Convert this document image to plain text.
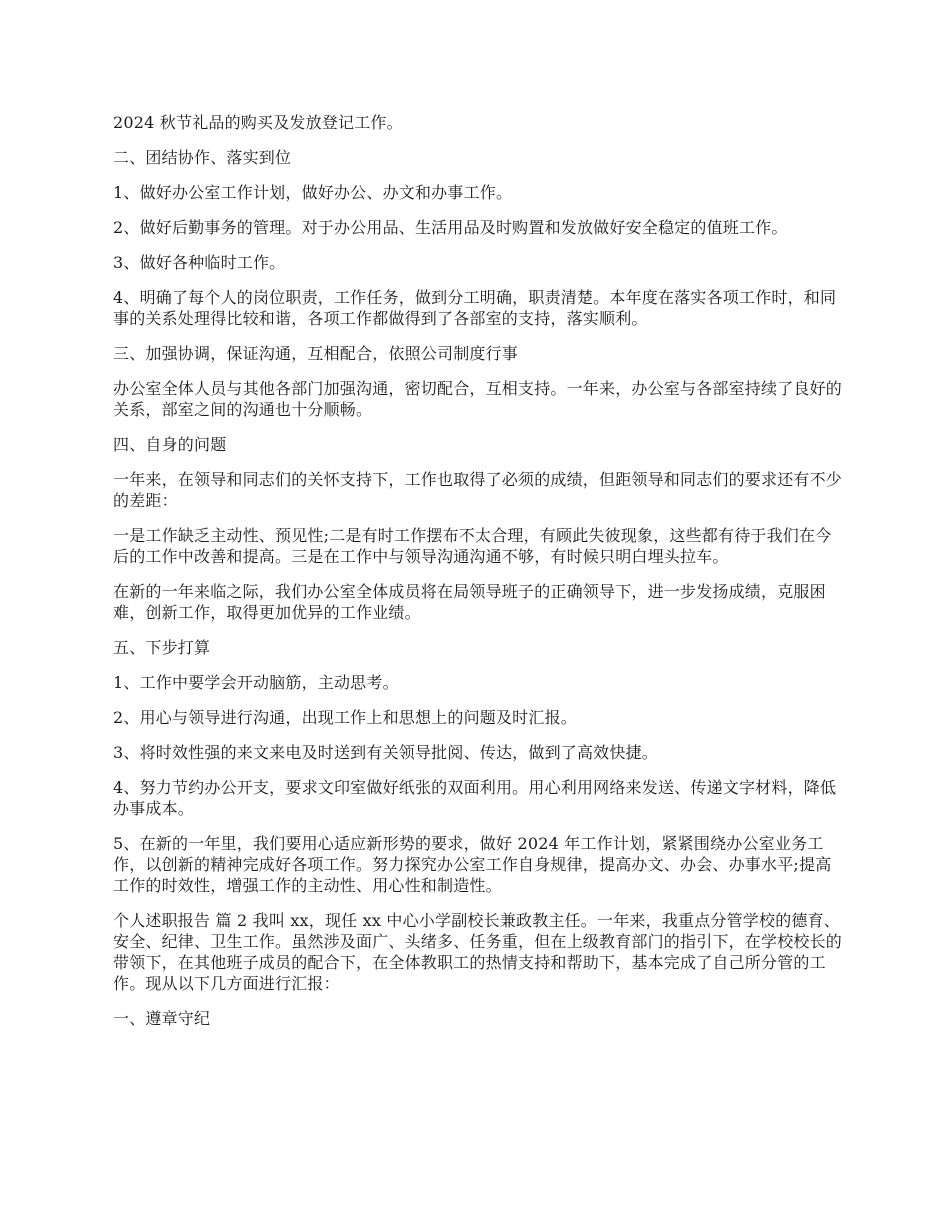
2024 秋节礼品的购买及发放登记工作。

二、团结协作、落实到位

1、做好办公室工作计划，做好办公、办文和办事工作。

2、做好后勤事务的管理。对于办公用品、生活用品及时购置和发放做好安全稳定的值班工作。

3、做好各种临时工作。

4、明确了每个人的岗位职责，工作任务，做到分工明确，职责清楚。本年度在落实各项工作时，和同事的关系处理得比较和谐，各项工作都做得到了各部室的支持，落实顺利。

三、加强协调，保证沟通，互相配合，依照公司制度行事

办公室全体人员与其他各部门加强沟通，密切配合，互相支持。一年来，办公室与各部室持续了良好的关系，部室之间的沟通也十分顺畅。

四、自身的问题

一年来，在领导和同志们的关怀支持下，工作也取得了必须的成绩，但距领导和同志们的要求还有不少的差距：

一是工作缺乏主动性、预见性;二是有时工作摆布不太合理，有顾此失彼现象，这些都有待于我们在今后的工作中改善和提高。三是在工作中与领导沟通沟通不够，有时候只明白埋头拉车。

在新的一年来临之际，我们办公室全体成员将在局领导班子的正确领导下，进一步发扬成绩，克服困难，创新工作，取得更加优异的工作业绩。

五、下步打算

1、工作中要学会开动脑筋，主动思考。

2、用心与领导进行沟通，出现工作上和思想上的问题及时汇报。

3、将时效性强的来文来电及时送到有关领导批阅、传达，做到了高效快捷。

4、努力节约办公开支，要求文印室做好纸张的双面利用。用心利用网络来发送、传递文字材料，降低办事成本。

5、在新的一年里，我们要用心适应新形势的要求，做好 2024 年工作计划，紧紧围绕办公室业务工作，以创新的精神完成好各项工作。努力探究办公室工作自身规律，提高办文、办会、办事水平;提高工作的时效性，增强工作的主动性、用心性和制造性。

个人述职报告 篇 2 我叫 xx，现任 xx 中心小学副校长兼政教主任。一年来，我重点分管学校的德育、安全、纪律、卫生工作。虽然涉及面广、头绪多、任务重，但在上级教育部门的指引下，在学校校长的带领下，在其他班子成员的配合下，在全体教职工的热情支持和帮助下，基本完成了自己所分管的工作。现从以下几方面进行汇报：

一、遵章守纪
